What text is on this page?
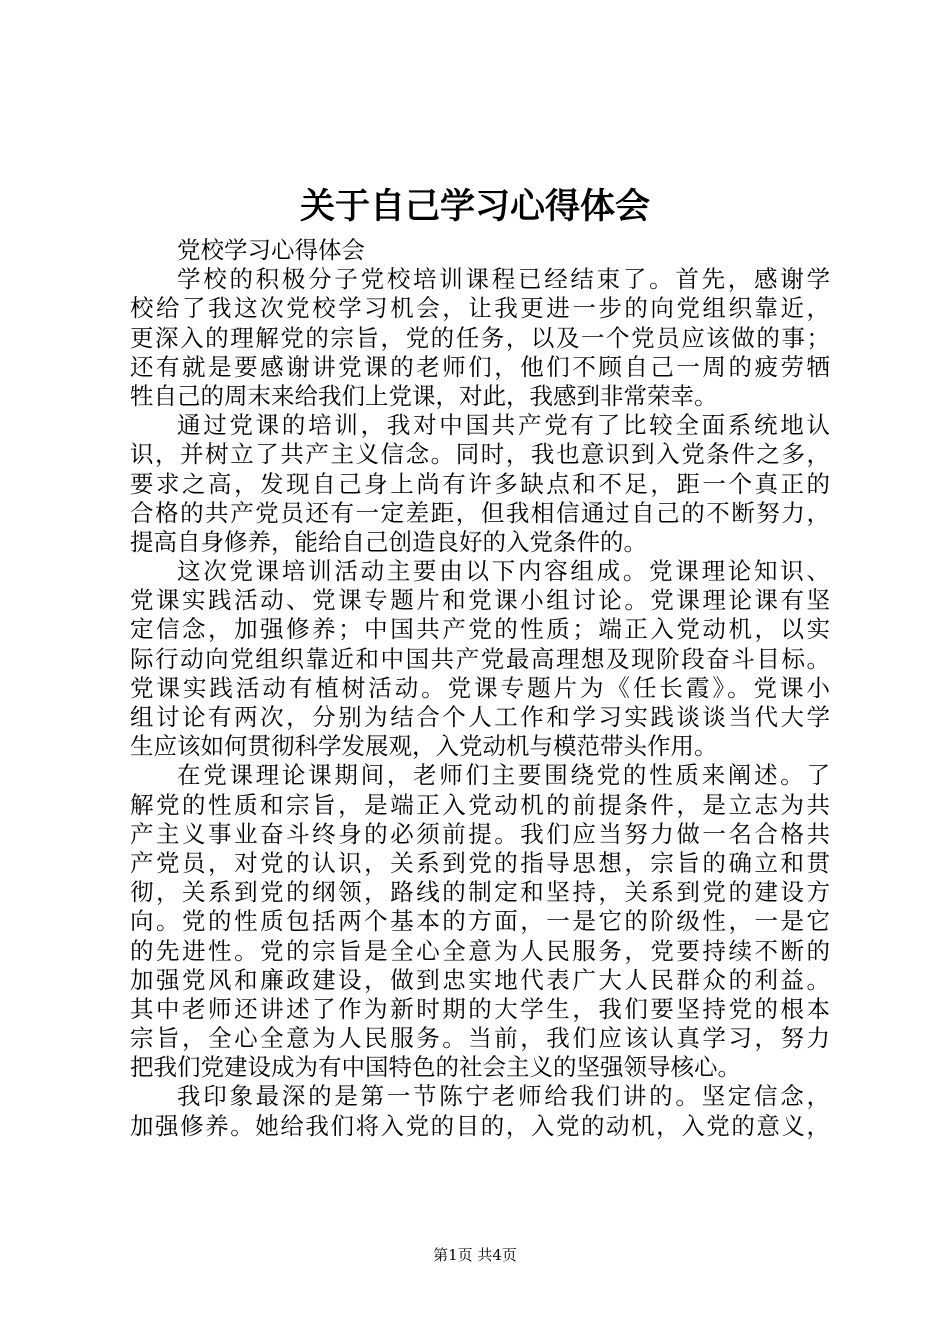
关于自己学习心得体会
党校学习心得体会
学校的积极分子党校培训课程已经结束了。首先，感谢学
校给了我这次党校学习机会，让我更进一步的向党组织靠近，
更深入的理解党的宗旨，党的任务，以及一个党员应该做的事；
还有就是要感谢讲党课的老师们，他们不顾自己一周的疲劳牺
牲自己的周末来给我们上党课，对此，我感到非常荣幸。
通过党课的培训，我对中国共产党有了比较全面系统地认
识，并树立了共产主义信念。同时，我也意识到入党条件之多，
要求之高，发现自己身上尚有许多缺点和不足，距一个真正的
合格的共产党员还有一定差距，但我相信通过自己的不断努力，
提高自身修养，能给自己创造良好的入党条件的。
这次党课培训活动主要由以下内容组成。党课理论知识、
党课实践活动、党课专题片和党课小组讨论。党课理论课有坚
定信念，加强修养；中国共产党的性质；端正入党动机，以实
际行动向党组织靠近和中国共产党最高理想及现阶段奋斗目标。
党课实践活动有植树活动。党课专题片为《任长霞》。党课小
组讨论有两次，分别为结合个人工作和学习实践谈谈当代大学
生应该如何贯彻科学发展观，入党动机与模范带头作用。
在党课理论课期间，老师们主要围绕党的性质来阐述。了
解党的性质和宗旨，是端正入党动机的前提条件，是立志为共
产主义事业奋斗终身的必须前提。我们应当努力做一名合格共
产党员，对党的认识，关系到党的指导思想，宗旨的确立和贯
彻，关系到党的纲领，路线的制定和坚持，关系到党的建设方
向。党的性质包括两个基本的方面，一是它的阶级性，一是它
的先进性。党的宗旨是全心全意为人民服务，党要持续不断的
加强党风和廉政建设，做到忠实地代表广大人民群众的利益。
其中老师还讲述了作为新时期的大学生，我们要坚持党的根本
宗旨，全心全意为人民服务。当前，我们应该认真学习，努力
把我们党建设成为有中国特色的社会主义的坚强领导核心。
我印象最深的是第一节陈宁老师给我们讲的。坚定信念，
加强修养。她给我们将入党的目的，入党的动机，入党的意义，
第1页 共4页
